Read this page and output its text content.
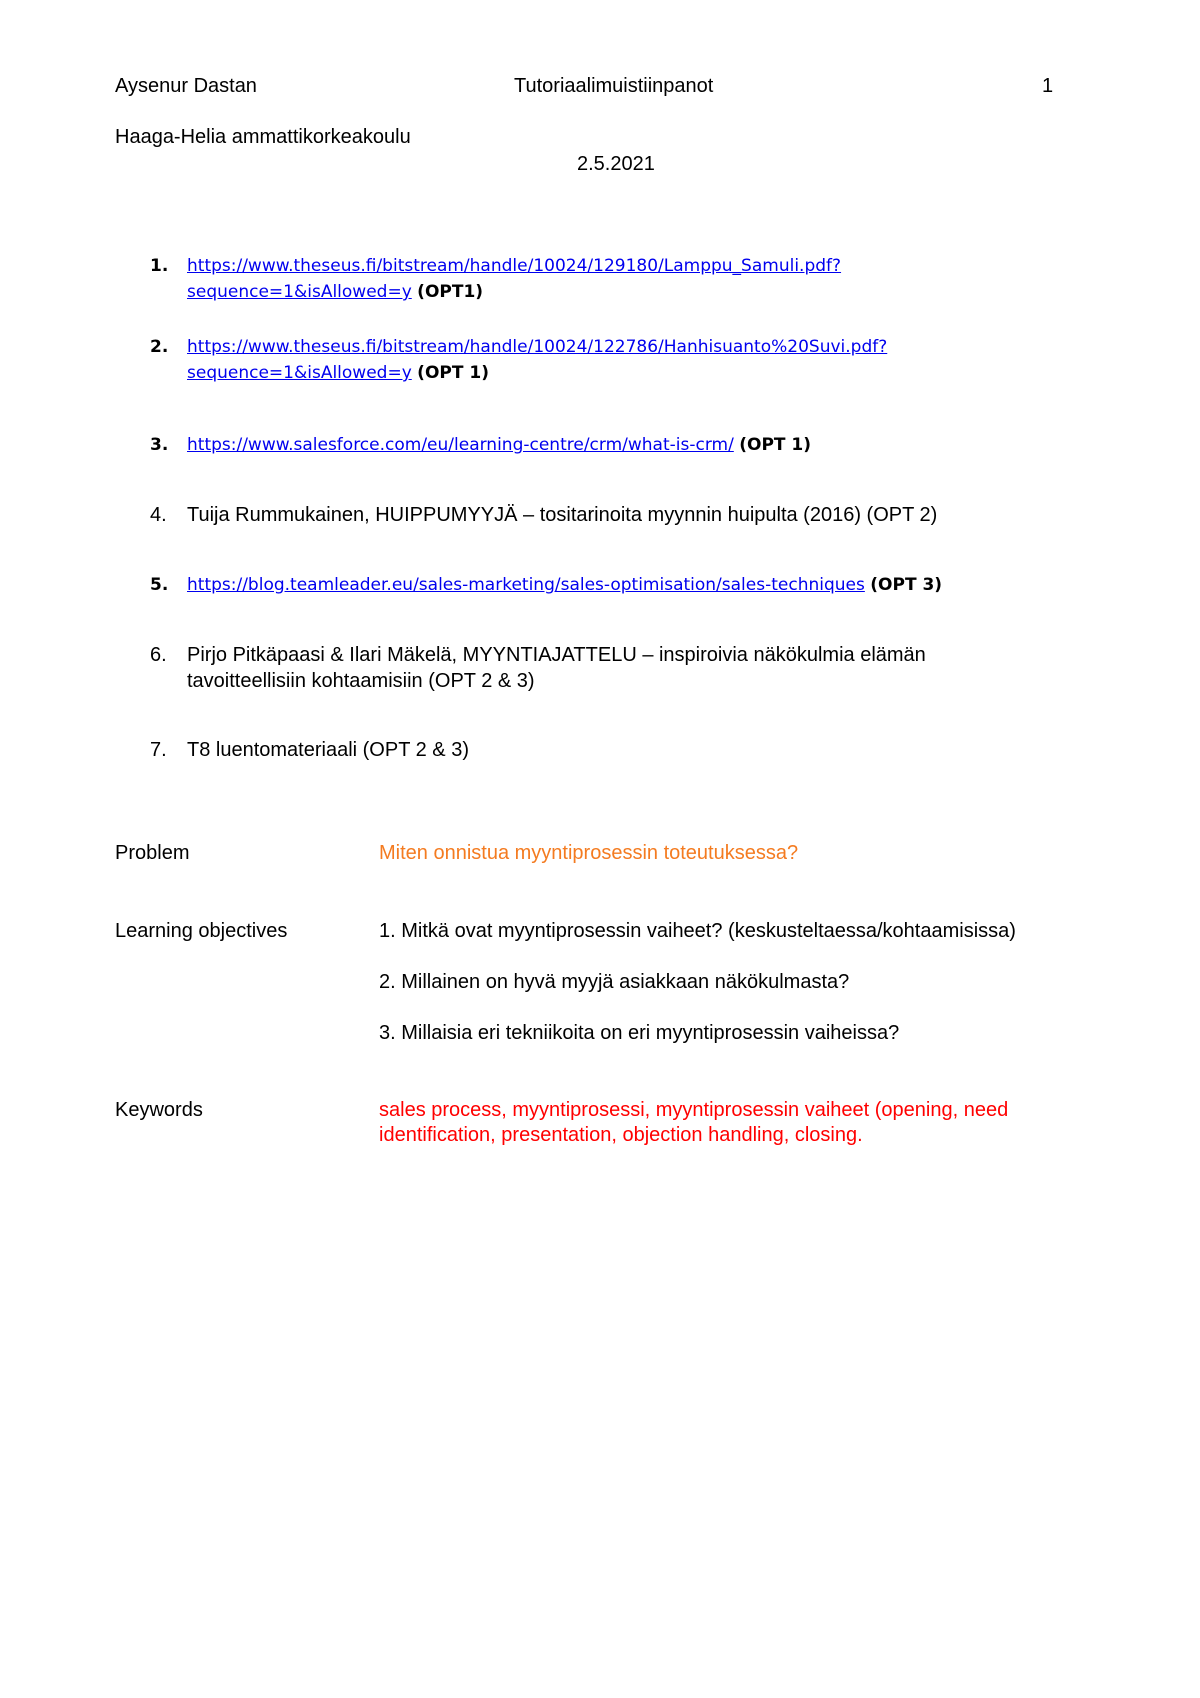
Aysenur Dastan	Tutoriaalimuistiinpanot	1
Haaga-Helia ammattikorkeakoulu
2.5.2021
1.	https://www.theseus.fi/bitstream/handle/10024/129180/Lamppu_Samuli.pdf?
sequence=1&isAllowed=y (OPT1)
2.	https://www.theseus.fi/bitstream/handle/10024/122786/Hanhisuanto%20Suvi.pdf?
sequence=1&isAllowed=y (OPT 1)
3.	https://www.salesforce.com/eu/learning-centre/crm/what-is-crm/ (OPT 1)
4.	Tuija Rummukainen, HUIPPUMYYJÄ – tositarinoita myynnin huipulta (2016) (OPT 2)
5.	https://blog.teamleader.eu/sales-marketing/sales-optimisation/sales-techniques (OPT 3)
6.	Pirjo Pitkäpaasi & Ilari Mäkelä, MYYNTIAJATTELU – inspiroivia näkökulmia elämän
tavoitteellisiin kohtaamisiin (OPT 2 & 3)
7.	T8 luentomateriaali (OPT 2 & 3)
Problem	Miten onnistua myyntiprosessin toteutuksessa?
Learning objectives	1. Mitkä ovat myyntiprosessin vaiheet? (keskusteltaessa/kohtaamisissa)
2. Millainen on hyvä myyjä asiakkaan näkökulmasta?
3. Millaisia eri tekniikoita on eri myyntiprosessin vaiheissa?
Keywords	sales process, myyntiprosessi, myyntiprosessin vaiheet (opening, need
identification, presentation, objection handling, closing.
